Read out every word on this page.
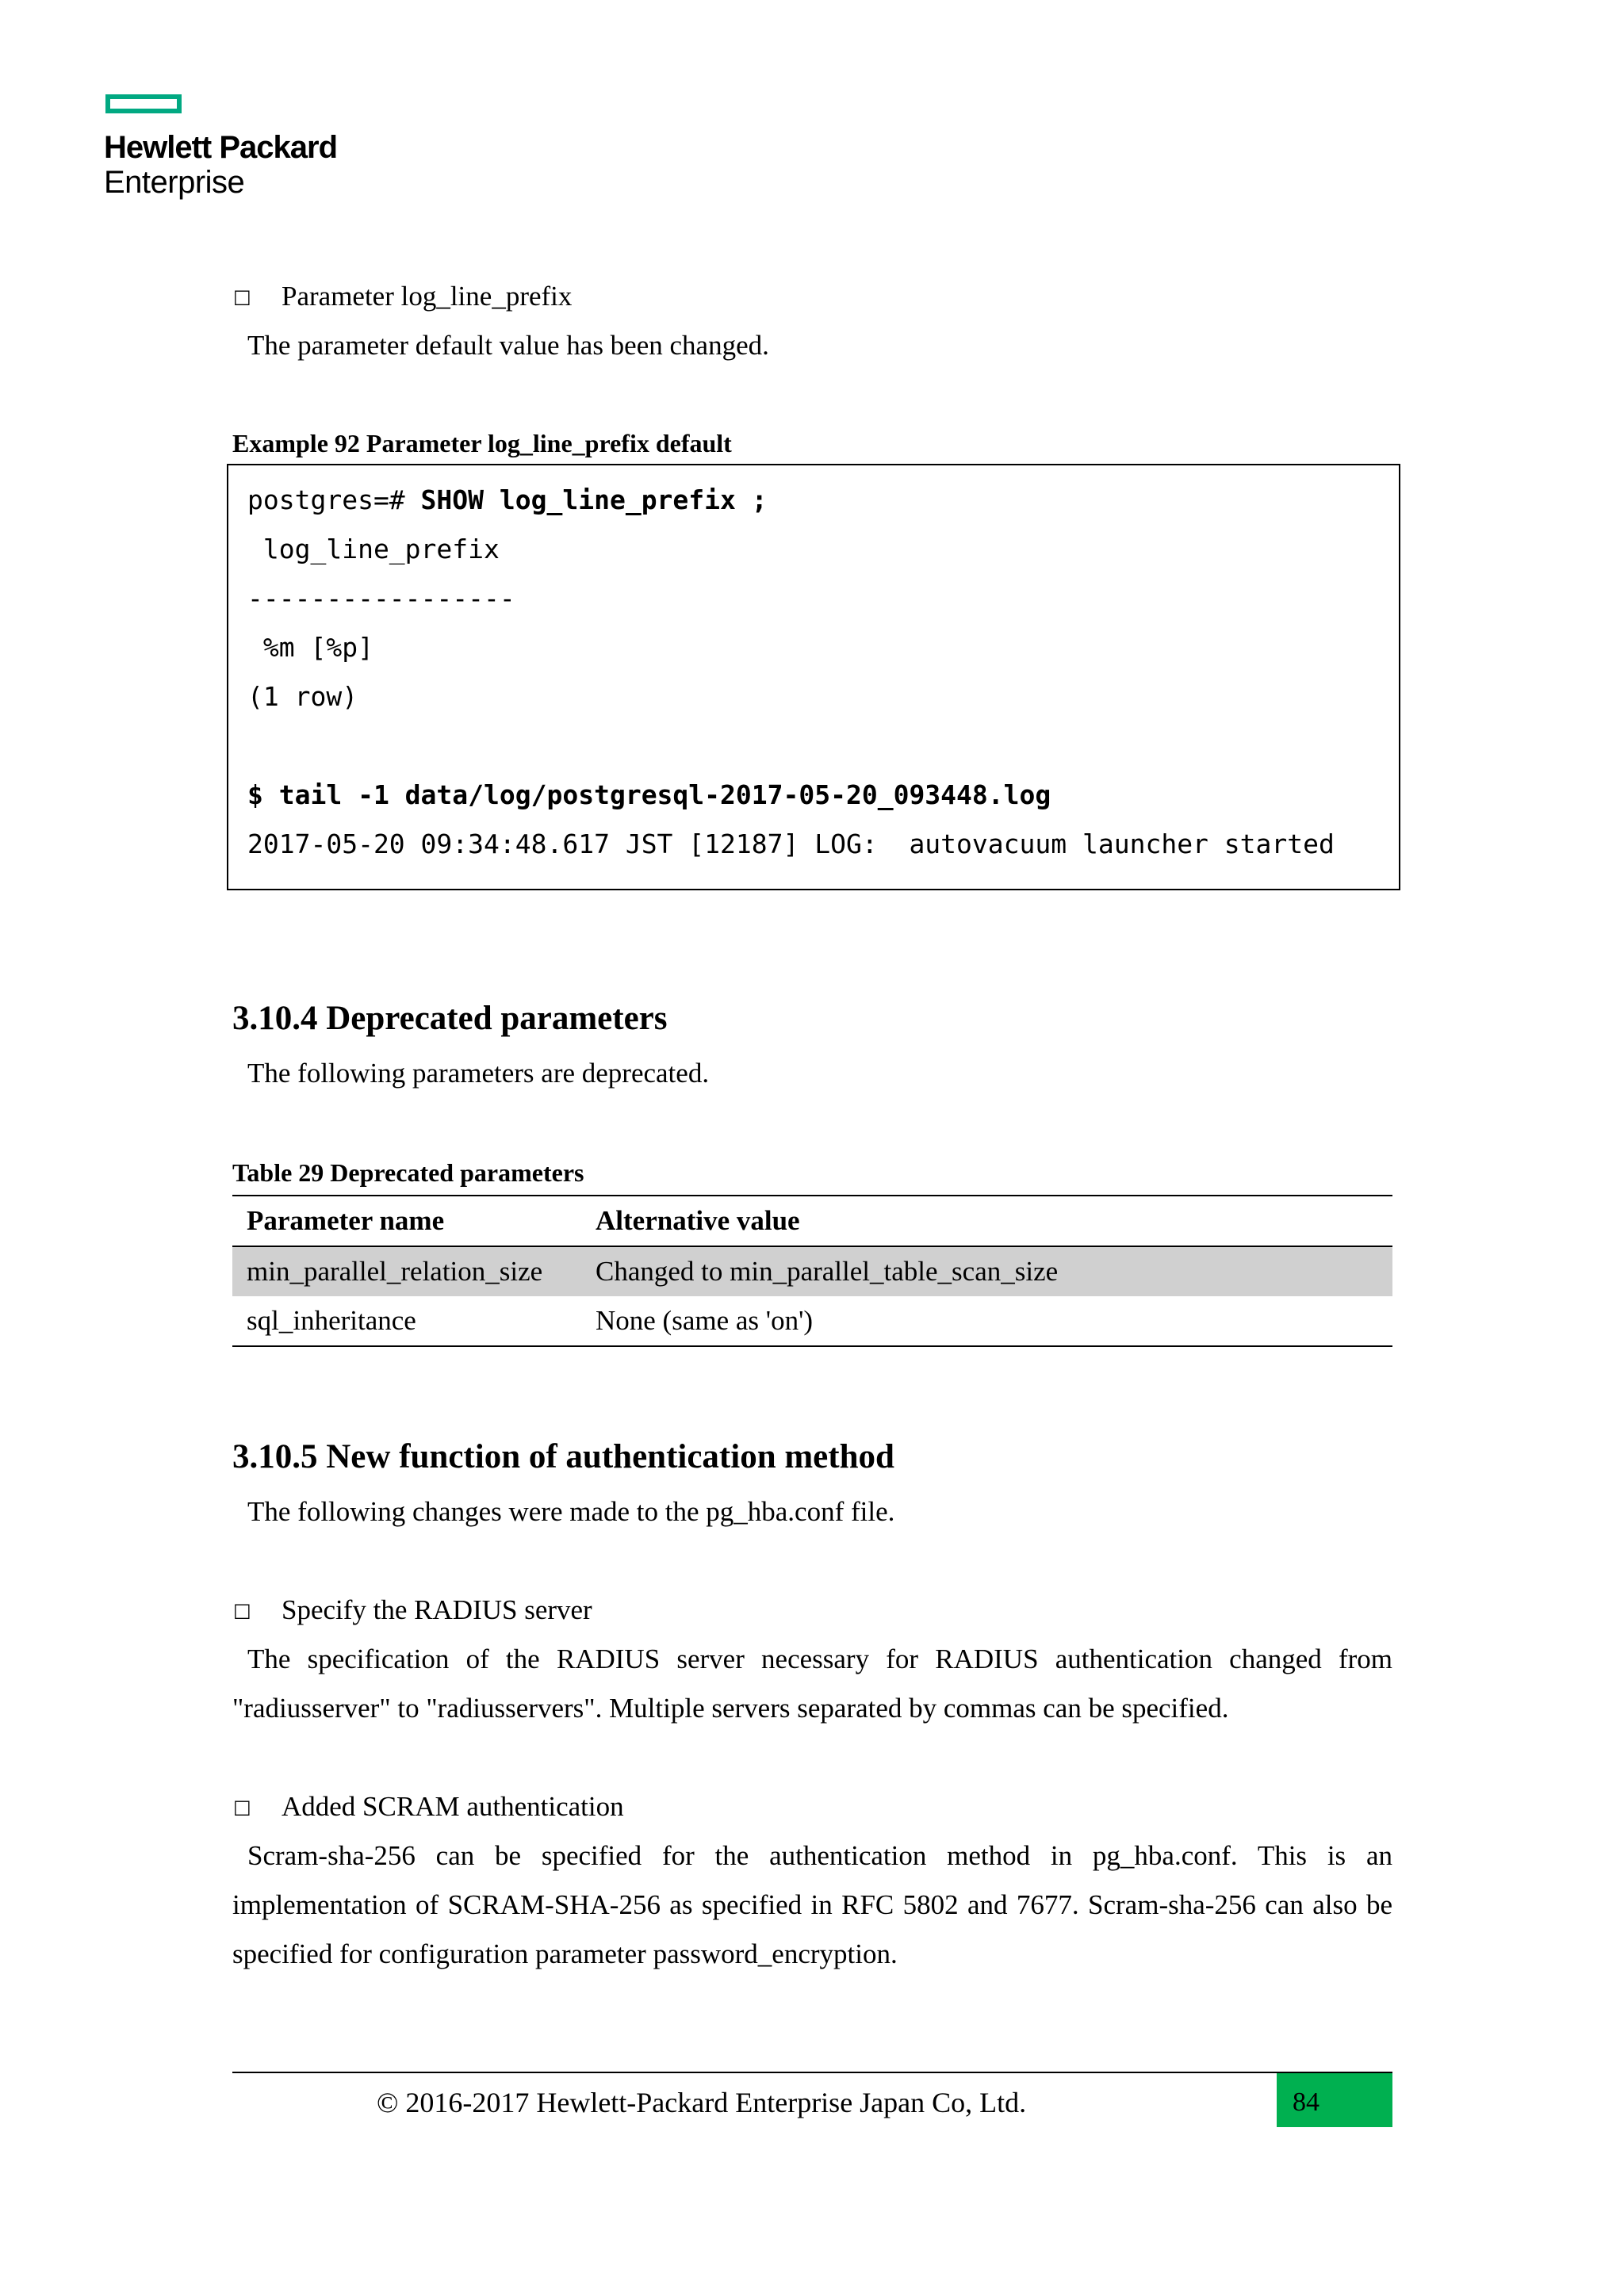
Hewlett Packard
Enterprise
□ Parameter log_line_prefix
The parameter default value has been changed.
Example 92 Parameter log_line_prefix default
postgres=# SHOW log_line_prefix ;
log_line_prefix
-----------------
%m [%p]
(1 row)
$ tail -1 data/log/postgresql-2017-05-20_093448.log
2017-05-20 09:34:48.617 JST [12187] LOG:  autovacuum launcher started
3.10.4 Deprecated parameters
The following parameters are deprecated.
Table 29 Deprecated parameters
Parameter name	Alternative value
min_parallel_relation_size	Changed to min_parallel_table_scan_size
sql_inheritance	None (same as 'on')
3.10.5 New function of authentication method
The following changes were made to the pg_hba.conf file.
□ Specify the RADIUS server
The specification of the RADIUS server necessary for RADIUS authentication changed from
"radiusserver" to "radiusservers". Multiple servers separated by commas can be specified.
□ Added SCRAM authentication
Scram-sha-256 can be specified for the authentication method in pg_hba.conf. This is an
implementation of SCRAM-SHA-256 as specified in RFC 5802 and 7677. Scram-sha-256 can also be
specified for configuration parameter password_encryption.
© 2016-2017 Hewlett-Packard Enterprise Japan Co, Ltd.	84
